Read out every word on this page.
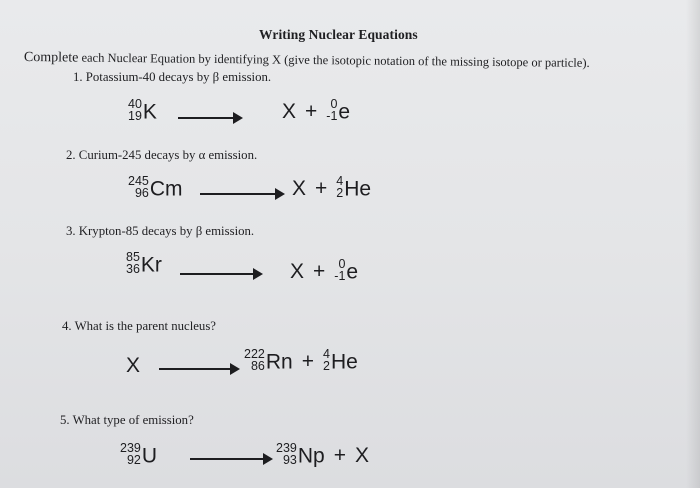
Writing Nuclear Equations
Complete each Nuclear Equation by identifying X (give the isotopic notation of the missing isotope or particle).
1. Potassium-40 decays by β emission.
40
19 K → X + 0
-1 e
2. Curium-245 decays by α emission.
245
96 Cm	X + 4
2 He
3. Krypton-85 decays by β emission.
85
36 Kr	X + 0
-1 e
4. What is the parent nucleus?
X	222
86 Rn + 4
2 He
5. What type of emission?
239
92 U	239
93 Np + X
